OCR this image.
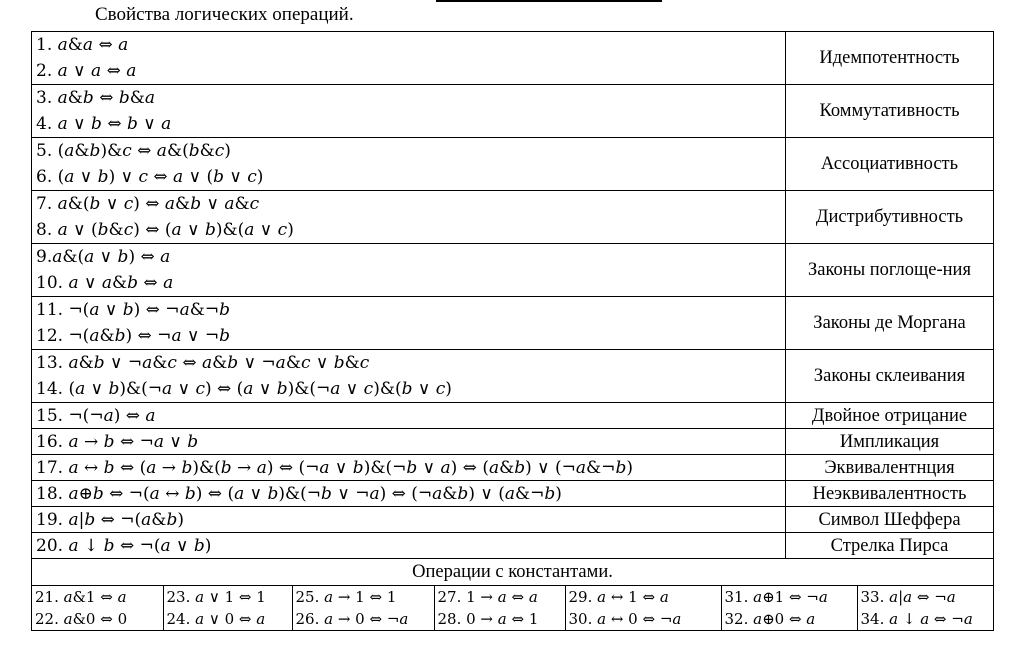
Свойства логических операций.
1. a&a ⇔ a
2. a ∨ a ⇔ a
	Идемпотентность

3. a&b ⇔ b&a
4. a ∨ b ⇔ b ∨ a
	Коммутативность

5. (a&b)&c ⇔ a&(b&c)
6. (a ∨ b) ∨ c ⇔ a ∨ (b ∨ c)
	Ассоциативность

7. a&(b ∨ c) ⇔ a&b ∨ a&c
8. a ∨ (b&c) ⇔ (a ∨ b)&(a ∨ c)
	Дистрибутивность

9.a&(a ∨ b) ⇔ a
10. a ∨ a&b ⇔ a
	Законы поглоще-ния

11. ¬(a ∨ b) ⇔ ¬a&¬b
12. ¬(a&b) ⇔ ¬a ∨ ¬b
	Законы де Моргана

13. a&b ∨ ¬a&c ⇔ a&b ∨ ¬a&c ∨ b&c
14. (a ∨ b)&(¬a ∨ c) ⇔ (a ∨ b)&(¬a ∨ c)&(b ∨ c)
	Законы склеивания

15. ¬(¬a) ⇔ a	Двойное отрицание

16. a → b ⇔ ¬a ∨ b	Импликация

17. a ↔ b ⇔ (a → b)&(b → a) ⇔ (¬a ∨ b)&(¬b ∨ a) ⇔ (a&b) ∨ (¬a&¬b)	Эквивалентнция

18. a⊕b ⇔ ¬(a ↔ b) ⇔ (a ∨ b)&(¬b ∨ ¬a) ⇔ (¬a&b) ∨ (a&¬b)	Неэквивалентность

19. a|b ⇔ ¬(a&b)	Символ Шеффера

20. a ↓ b ⇔ ¬(a ∨ b)	Стрелка Пирса
Операции с константами.

21. a&1 ⇔ a	23. a ∨ 1 ⇔ 1	25. a → 1 ⇔ 1	27. 1 → a ⇔ a	29. a ↔ 1 ⇔ a	31. a⊕1 ⇔ ¬a	33. a|a ⇔ ¬a
22. a&0 ⇔ 0	24. a ∨ 0 ⇔ a	26. a → 0 ⇔ ¬a	28. 0 → a ⇔ 1	30. a ↔ 0 ⇔ ¬a	32. a⊕0 ⇔ a	34. a ↓ a ⇔ ¬a
